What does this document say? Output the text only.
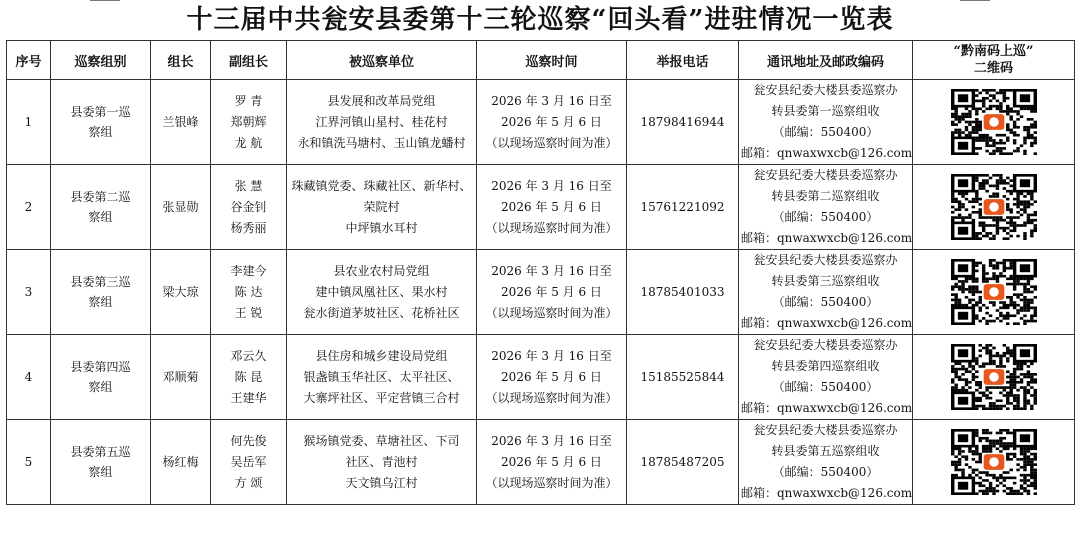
十三届中共瓮安县委第十三轮巡察“回头看”进驻情况一览表
序号	巡察组别	组长	副组长	被巡察单位	巡察时间	举报电话	通讯地址及邮政编码	“黔南码上巡”
二维码

1	县委第一巡察组	兰银峰	罗 青
郑朝辉
龙 航	县发展和改革局党组
江界河镇山星村、桂花村
永和镇洗马塘村、玉山镇龙蟠村	2026 年 3 月 16 日至
2026 年 5 月 6 日
（以现场巡察时间为准）	18798416944	瓮安县纪委大楼县委巡察办
转县委第一巡察组收
（邮编：550400）
邮箱：qnwaxwxcb@126.com

2	县委第二巡察组	张显勋	张 慧
谷金钊
杨秀丽	珠藏镇党委、珠藏社区、新华村、
荣院村
中坪镇水耳村	2026 年 3 月 16 日至
2026 年 5 月 6 日
（以现场巡察时间为准）	15761221092	瓮安县纪委大楼县委巡察办
转县委第二巡察组收
（邮编：550400）
邮箱：qnwaxwxcb@126.com

3	县委第三巡察组	梁大琼	李建今
陈 达
王 锐	县农业农村局党组
建中镇凤凰社区、果水村
瓮水街道茅坡社区、花桥社区	2026 年 3 月 16 日至
2026 年 5 月 6 日
（以现场巡察时间为准）	18785401033	瓮安县纪委大楼县委巡察办
转县委第三巡察组收
（邮编：550400）
邮箱：qnwaxwxcb@126.com

4	县委第四巡察组	邓顺菊	邓云久
陈 昆
王建华	县住房和城乡建设局党组
银盏镇玉华社区、太平社区、
大寨坪社区、平定营镇三合村	2026 年 3 月 16 日至
2026 年 5 月 6 日
（以现场巡察时间为准）	15185525844	瓮安县纪委大楼县委巡察办
转县委第四巡察组收
（邮编：550400）
邮箱：qnwaxwxcb@126.com

5	县委第五巡察组	杨红梅	何先俊
吴岳军
方 颂	猴场镇党委、草塘社区、下司
社区、青池村
天文镇乌江村	2026 年 3 月 16 日至
2026 年 5 月 6 日
（以现场巡察时间为准）	18785487205	瓮安县纪委大楼县委巡察办
转县委第五巡察组收
（邮编：550400）
邮箱：qnwaxwxcb@126.com
